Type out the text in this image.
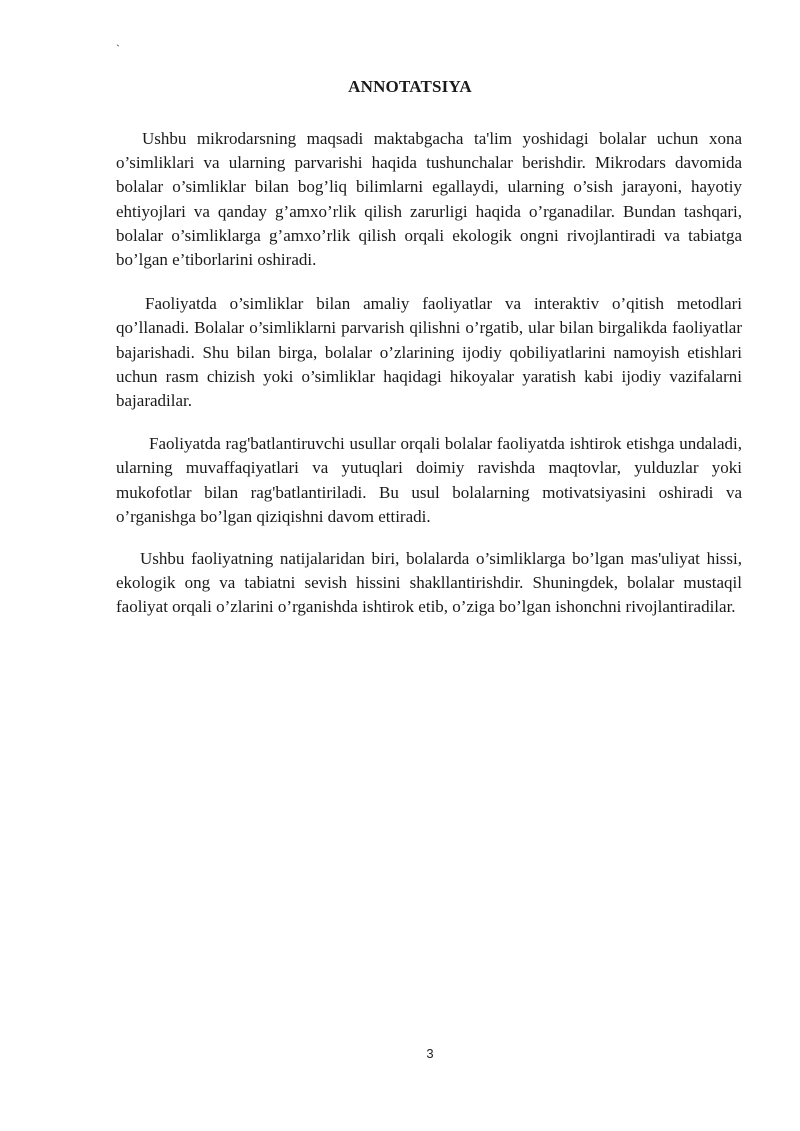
`
ANNOTATSIYA

Ushbu mikrodarsning maqsadi maktabgacha ta'lim yoshidagi bolalar uchun xona o’simliklari va ularning parvarishi haqida tushunchalar berishdir. Mikrodars davomida bolalar o’simliklar bilan bog’liq bilimlarni egallaydi, ularning o’sish jarayoni, hayotiy ehtiyojlari va qanday g’amxo’rlik qilish zarurligi haqida o’rganadilar. Bundan tashqari, bolalar o’simliklarga g’amxo’rlik qilish orqali ekologik ongni rivojlantiradi va tabiatga bo’lgan e’tiborlarini oshiradi.

Faoliyatda o’simliklar bilan amaliy faoliyatlar va interaktiv o’qitish metodlari qo’llanadi. Bolalar o’simliklarni parvarish qilishni o’rgatib, ular bilan birgalikda faoliyatlar bajarishadi. Shu bilan birga, bolalar o’zlarining ijodiy qobiliyatlarini namoyish etishlari uchun rasm chizish yoki o’simliklar haqidagi hikoyalar yaratish kabi ijodiy vazifalarni bajaradilar.

Faoliyatda rag'batlantiruvchi usullar orqali bolalar faoliyatda ishtirok etishga undaladi, ularning muvaffaqiyatlari va yutuqlari doimiy ravishda maqtovlar, yulduzlar yoki mukofotlar bilan rag'batlantiriladi. Bu usul bolalarning motivatsiyasini oshiradi va o’rganishga bo’lgan qiziqishni davom ettiradi.

Ushbu faoliyatning natijalaridan biri, bolalarda o’simliklarga bo’lgan mas'uliyat hissi, ekologik ong va tabiatni sevish hissini shakllantirishdir. Shuningdek, bolalar mustaqil faoliyat orqali o’zlarini o’rganishda ishtirok etib, o’ziga bo’lgan ishonchni rivojlantiradilar.

3
